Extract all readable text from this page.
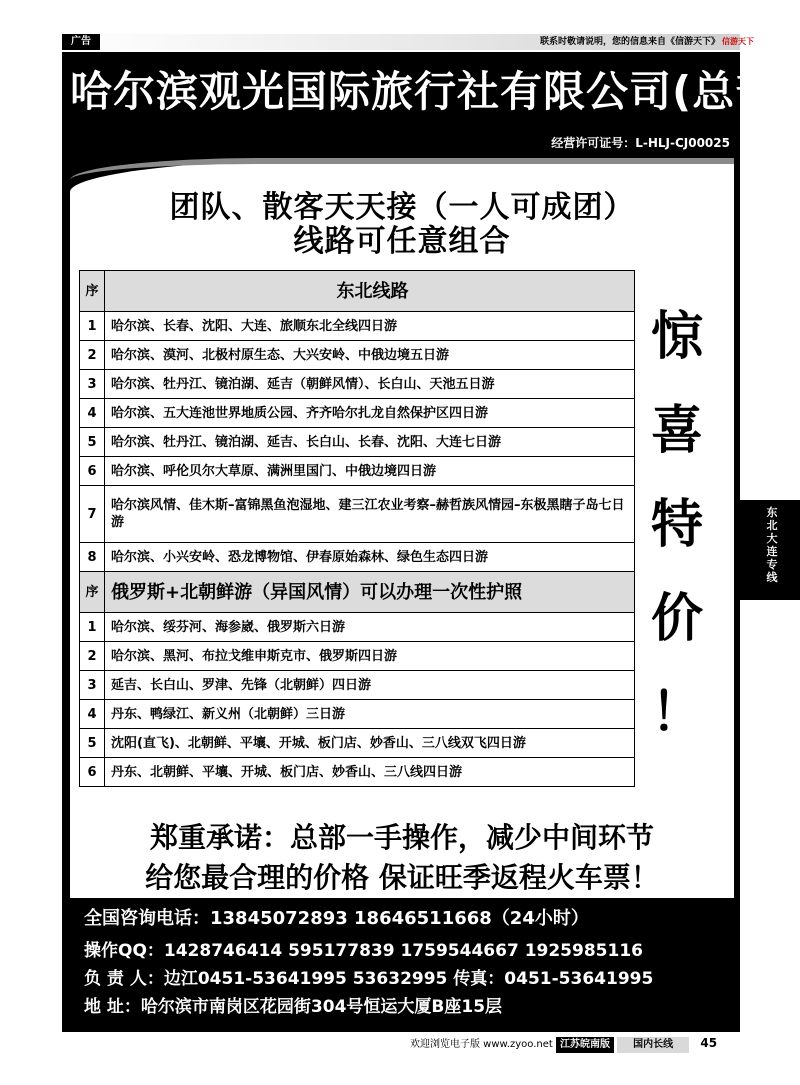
广告	联系时敬请说明，您的信息来自《信游天下》 信游天下
哈尔滨观光国际旅行社有限公司(总部)
经营许可证号：L-HLJ-CJ00025
团队、散客天天接（一人可成团）
线路可任意组合
序	东北线路
1	哈尔滨、长春、沈阳、大连、旅顺东北全线四日游
2	哈尔滨、漠河、北极村原生态、大兴安岭、中俄边境五日游
3	哈尔滨、牡丹江、镜泊湖、延吉（朝鲜风情）、长白山、天池五日游
4	哈尔滨、五大连池世界地质公园、齐齐哈尔扎龙自然保护区四日游
5	哈尔滨、牡丹江、镜泊湖、延吉、长白山、长春、沈阳、大连七日游
6	哈尔滨、呼伦贝尔大草原、满洲里国门、中俄边境四日游
7	哈尔滨风情、佳木斯–富锦黑鱼泡湿地、建三江农业考察–赫哲族风情园–东极黑瞎子岛七日游
8	哈尔滨、小兴安岭、恐龙博物馆、伊春原始森林、绿色生态四日游
序	俄罗斯+北朝鲜游（异国风情）可以办理一次性护照
1	哈尔滨、绥芬河、海参崴、俄罗斯六日游
2	哈尔滨、黑河、布拉戈维申斯克市、俄罗斯四日游
3	延吉、长白山、罗津、先锋（北朝鲜）四日游
4	丹东、鸭绿江、新义州（北朝鲜）三日游
5	沈阳(直飞)、北朝鲜、平壤、开城、板门店、妙香山、三八线双飞四日游
6	丹东、北朝鲜、平壤、开城、板门店、妙香山、三八线四日游
惊
喜
特
价
！
郑重承诺：总部一手操作，减少中间环节
给您最合理的价格 保证旺季返程火车票！
全国咨询电话：13845072893 18646511668（24小时）
操作QQ：1428746414 595177839 1759544667 1925985116
负 责 人：边江0451-53641995 53632995 传真：0451-53641995
地 址：哈尔滨市南岗区花园街304号恒运大厦B座15层
东北大连专线
欢迎浏览电子版 www.zyoo.net 江苏皖南版 国内长线 45
